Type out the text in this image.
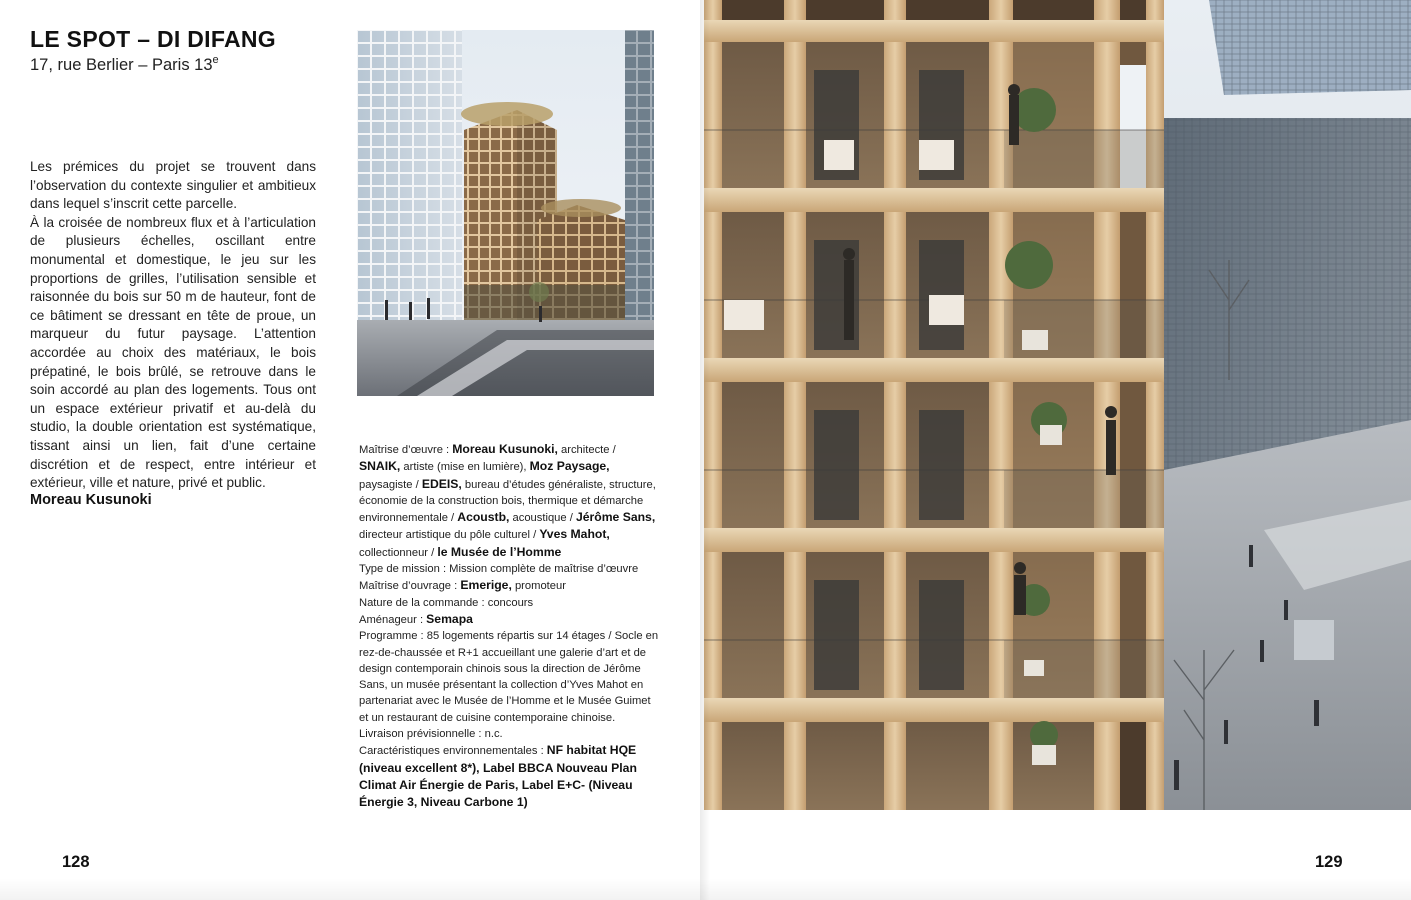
LE SPOT – DI DIFANG

17, rue Berlier – Paris 13e

Les prémices du projet se trouvent dans l’observation du contexte singulier et ambitieux dans lequel s’inscrit cette parcelle.

À la croisée de nombreux flux et à l’articulation de plusieurs échelles, oscillant entre monumental et domestique, le jeu sur les proportions de grilles, l’utilisation sensible et raisonnée du bois sur 50 m de hauteur, font de ce bâtiment se dressant en tête de proue, un marqueur du futur paysage. L’attention accordée au choix des matériaux, le bois prépatiné, le bois brûlé, se retrouve dans le soin accordé au plan des logements. Tous ont un espace extérieur privatif et au-delà du studio, la double orientation est systématique, tissant ainsi un lien, fait d’une certaine discrétion et de respect, entre intérieur et extérieur, ville et nature, privé et public.

Moreau Kusunoki

Maîtrise d’œuvre : Moreau Kusunoki, architecte / SNAIK, artiste (mise en lumière), Moz Paysage, paysagiste / EDEIS, bureau d’études généraliste, structure, économie de la construction bois, thermique et démarche environnementale / Acoustb, acoustique / Jérôme Sans, directeur artistique du pôle culturel / Yves Mahot, collectionneur / le Musée de l’Homme

Type de mission : Mission complète de maîtrise d’œuvre

Maîtrise d’ouvrage : Emerige, promoteur

Nature de la commande : concours

Aménageur : Semapa

Programme : 85 logements répartis sur 14 étages / Socle en rez-de-chaussée et R+1 accueillant une galerie d’art et de design contemporain chinois sous la direction de Jérôme Sans, un musée présentant la collection d’Yves Mahot en partenariat avec le Musée de l’Homme et le Musée Guimet et un restaurant de cuisine contemporaine chinoise.

Livraison prévisionnelle : n.c.

Caractéristiques environnementales : NF habitat HQE (niveau excellent 8*), Label BBCA Nouveau Plan Climat Air Énergie de Paris, Label E+C- (Niveau Énergie 3, Niveau Carbone 1)

128	129
